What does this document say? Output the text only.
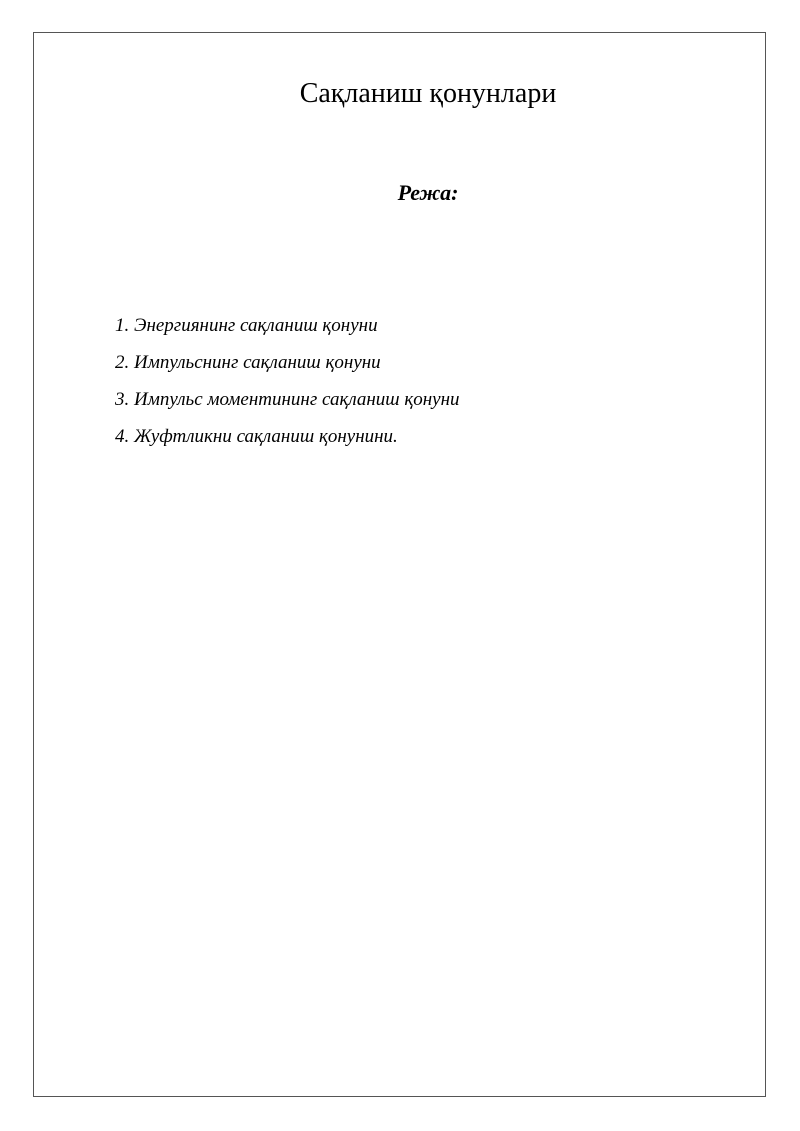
Сақланиш қонунлари
Режа:
1. Энергиянинг сақланиш қонуни
2. Импульснинг сақланиш қонуни
3. Импульс моментининг сақланиш қонуни
4. Жуфтликни сақланиш қонунини.
